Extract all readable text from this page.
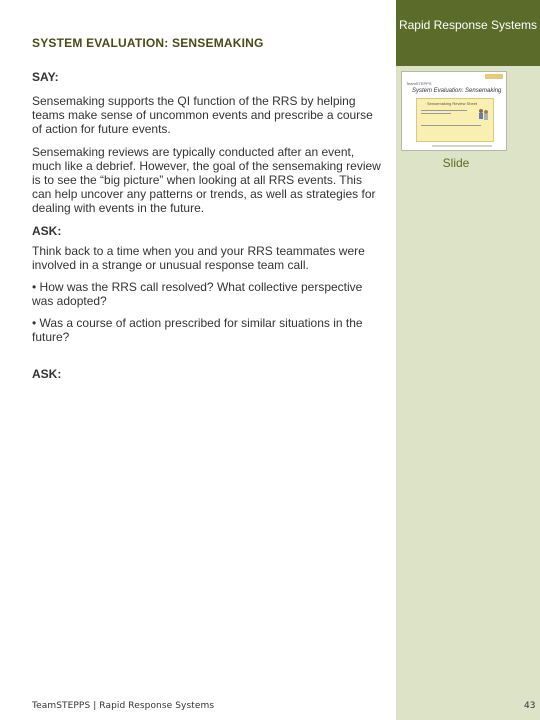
Rapid Response Systems
TeamSTEPPS
System Evaluation: Sensemaking
Sensemaking Review Sheet
Slide
SYSTEM EVALUATION: SENSEMAKING
SAY:

Sensemaking supports the QI function of the RRS by helping teams make sense of uncommon events and prescribe a course of action for future events.

Sensemaking reviews are typically conducted after an event, much like a debrief. However, the goal of the sensemaking review is to see the “big picture” when looking at all RRS events. This can help uncover any patterns or trends, as well as strategies for dealing with events in the future.

ASK:

Think back to a time when you and your RRS teammates were involved in a strange or unusual response team call.

• How was the RRS call resolved? What collective perspective was adopted?

• Was a course of action prescribed for similar situations in the future?

ASK:
TeamSTEPPS | Rapid Response Systems	43
